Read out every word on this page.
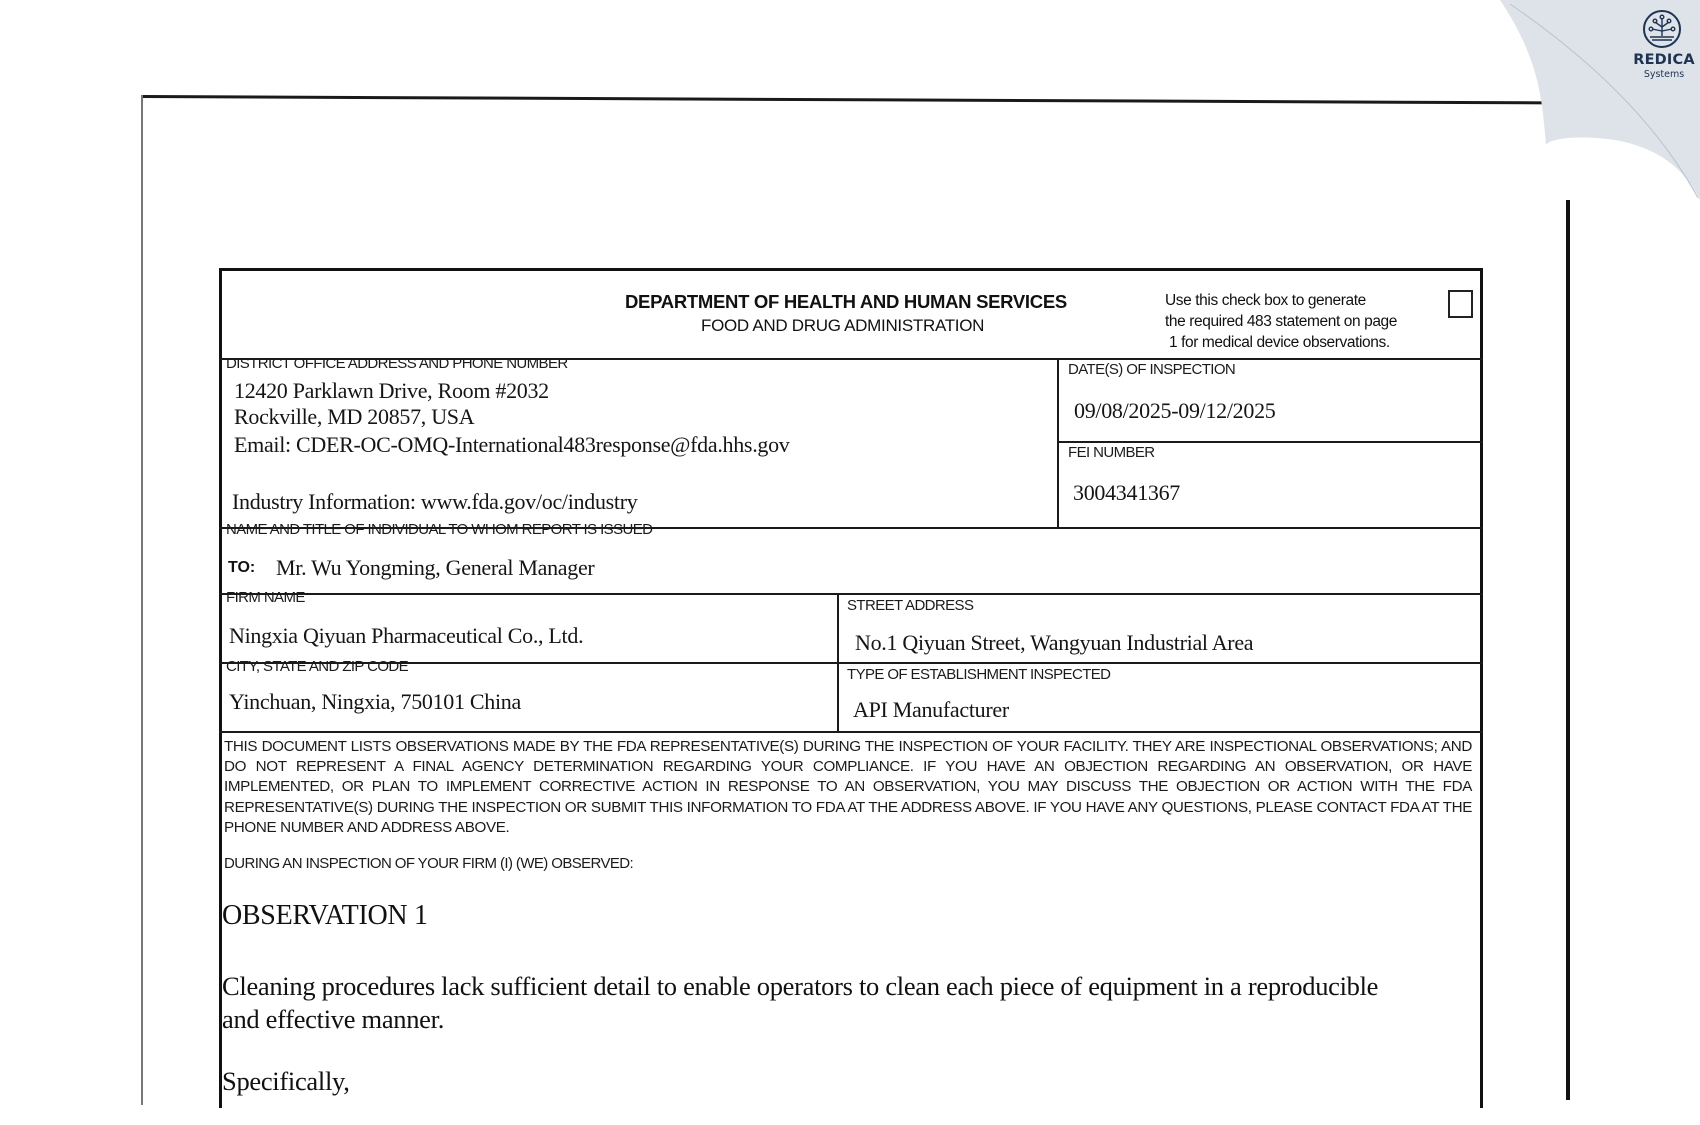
REDICA
Systems
DEPARTMENT OF HEALTH AND HUMAN SERVICES
FOOD AND DRUG ADMINISTRATION
Use this check box to generate
the required 483 statement on page
1 for medical device observations.
DISTRICT OFFICE ADDRESS AND PHONE NUMBER
12420 Parklawn Drive, Room #2032
Rockville, MD 20857, USA
Email: CDER-OC-OMQ-International483response@fda.hhs.gov
Industry Information: www.fda.gov/oc/industry
DATE(S) OF INSPECTION
09/08/2025-09/12/2025
FEI NUMBER
3004341367
NAME AND TITLE OF INDIVIDUAL TO WHOM REPORT IS ISSUED
TO: Mr. Wu Yongming, General Manager
FIRM NAME
Ningxia Qiyuan Pharmaceutical Co., Ltd.
STREET ADDRESS
No.1 Qiyuan Street, Wangyuan Industrial Area
CITY, STATE AND ZIP CODE
Yinchuan, Ningxia, 750101 China
TYPE OF ESTABLISHMENT INSPECTED
API Manufacturer
THIS DOCUMENT LISTS OBSERVATIONS MADE BY THE FDA REPRESENTATIVE(S) DURING THE INSPECTION OF YOUR FACILITY. THEY ARE INSPECTIONAL OBSERVATIONS; AND DO NOT REPRESENT A FINAL AGENCY DETERMINATION REGARDING YOUR COMPLIANCE. IF YOU HAVE AN OBJECTION REGARDING AN OBSERVATION, OR HAVE IMPLEMENTED, OR PLAN TO IMPLEMENT CORRECTIVE ACTION IN RESPONSE TO AN OBSERVATION, YOU MAY DISCUSS THE OBJECTION OR ACTION WITH THE FDA REPRESENTATIVE(S) DURING THE INSPECTION OR SUBMIT THIS INFORMATION TO FDA AT THE ADDRESS ABOVE. IF YOU HAVE ANY QUESTIONS, PLEASE CONTACT FDA AT THE PHONE NUMBER AND ADDRESS ABOVE.
DURING AN INSPECTION OF YOUR FIRM (I) (WE) OBSERVED:
OBSERVATION 1
Cleaning procedures lack sufficient detail to enable operators to clean each piece of equipment in a reproducible
and effective manner.
Specifically,
